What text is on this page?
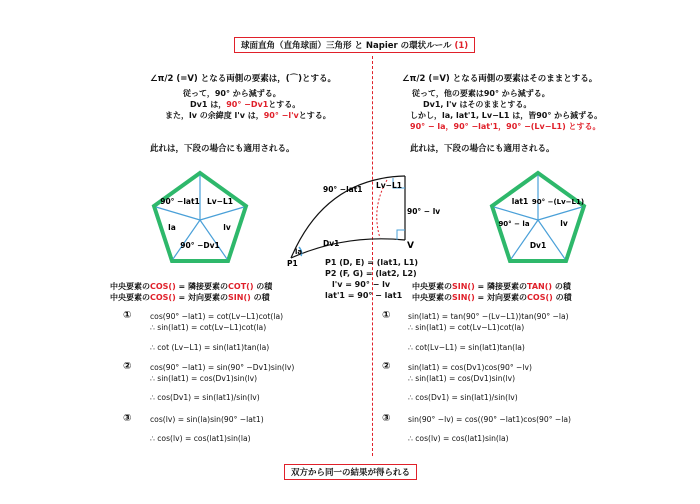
球面直角（直角球面）三角形 と Napier の環状ルール (1)
∠π/2 (=V) となる両側の要素は，(⌒)とする。
従って，90° から減ずる。
Dv1 は，90° −Dv1とする。
また，lv の余緯度 l'v は，90° −l'vとする。
此れは，下段の場合にも適用される。
∠π/2 (=V) となる両側の要素はそのままとする。
従って，他の要素は90° から減ずる。
Dv1, l'v はそのままとする。
しかし，la, lat'1, Lv−L1 は，皆90° から減ずる。
90° − la，90° −lat'1，90° −(Lv−L1) とする。
此れは，下段の場合にも適用される。
90° −lat1 Lv−L1
la	lv
90° −Dv1
lat1 90° −(Lv−L1)
90° − la	lv
Dv1
90° −lat1 Lv−L1
90° − lv
Dv1
la
P1
V
P1 (D, E) = (lat1, L1)
P2 (F, G) = (lat2, L2)
l'v = 90° − lv
lat'1 = 90° − lat1
中央要素のCOS() = 隣接要素のCOT() の積
中央要素のCOS() = 対向要素のSIN() の積
中央要素のSIN() = 隣接要素のTAN() の積
中央要素のSIN() = 対向要素のCOS() の積
① cos(90° −lat1) = cot(Lv−L1)cot(la)
∴ sin(lat1) = cot(Lv−L1)cot(la)
∴ cot (Lv−L1) = sin(lat1)tan(la)
② cos(90° −lat1) = sin(90° −Dv1)sin(lv)
∴ sin(lat1) = cos(Dv1)sin(lv)
∴ cos(Dv1) = sin(lat1)/sin(lv)
③ cos(lv) = sin(la)sin(90° −lat1)
∴ cos(lv) = cos(lat1)sin(la)
① sin(lat1) = tan(90° −(Lv−L1))tan(90° −la)
∴ sin(lat1) = cot(Lv−L1)cot(la)
∴ cot(Lv−L1) = sin(lat1)tan(la)
② sin(lat1) = cos(Dv1)cos(90° −lv)
∴ sin(lat1) = cos(Dv1)sin(lv)
∴ cos(Dv1) = sin(lat1)/sin(lv)
③ sin(90° −lv) = cos((90° −lat1)cos(90° −la)
∴ cos(lv) = cos(lat1)sin(la)
双方から同一の結果が得られる
